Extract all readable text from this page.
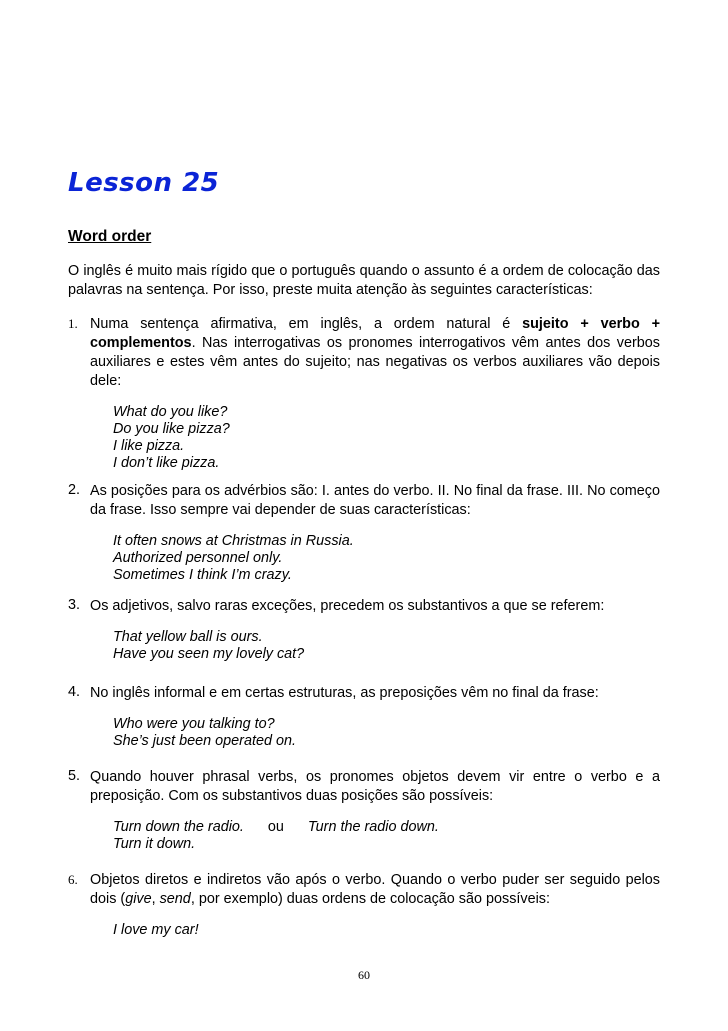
Lesson 25
Word order

O inglês é muito mais rígido que o português quando o assunto é a ordem de colocação das palavras na sentença. Por isso, preste muita atenção às seguintes características:

1. Numa sentença afirmativa, em inglês, a ordem natural é sujeito + verbo + complementos. Nas interrogativas os pronomes interrogativos vêm antes dos verbos auxiliares e estes vêm antes do sujeito; nas negativas os verbos auxiliares vão depois dele:

What do you like?
Do you like pizza?
I like pizza.
I don’t like pizza.
2. As posições para os advérbios são: I. antes do verbo. II. No final da frase. III. No começo da frase. Isso sempre vai depender de suas características:

It often snows at Christmas in Russia.
Authorized personnel only.
Sometimes I think I’m crazy.
3. Os adjetivos, salvo raras exceções, precedem os substantivos a que se referem:

That yellow ball is ours.
Have you seen my lovely cat?
4. No inglês informal e em certas estruturas, as preposições vêm no final da frase:

Who were you talking to?
She’s just been operated on.
5. Quando houver phrasal verbs, os pronomes objetos devem vir entre o verbo e a preposição. Com os substantivos duas posições são possíveis:

Turn down the radio. ou Turn the radio down.
Turn it down.
6. Objetos diretos e indiretos vão após o verbo. Quando o verbo puder ser seguido pelos dois (give, send, por exemplo) duas ordens de colocação são possíveis:

I love my car!

60
